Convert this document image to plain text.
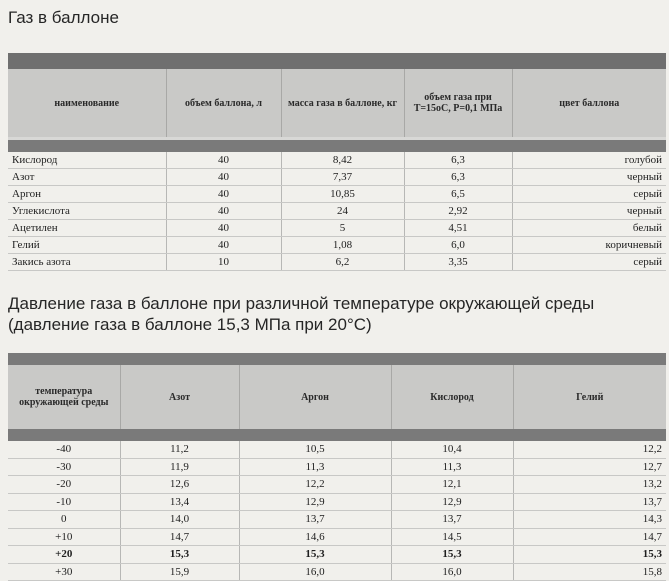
Газ в баллоне

наименование	объем баллона, л	масса газа в баллоне, кг	объем газа при Т=15оС, Р=0,1 МПа	цвет баллона

Кислород	40	8,42	6,3	голубой
Азот	40	7,37	6,3	черный
Аргон	40	10,85	6,5	серый
Углекислота	40	24	2,92	черный
Ацетилен	40	5	4,51	белый
Гелий	40	1,08	6,0	коричневый
Закись азота	10	6,2	3,35	серый
Давление газа в баллоне при различной температуре окружающей среды
(давление газа в баллоне 15,3 МПа при 20°С)

температура окружающей среды	Азот	Аргон	Кислород	Гелий

-40	11,2	10,5	10,4	12,2
-30	11,9	11,3	11,3	12,7
-20	12,6	12,2	12,1	13,2
-10	13,4	12,9	12,9	13,7
0	14,0	13,7	13,7	14,3
+10	14,7	14,6	14,5	14,7
+20	15,3	15,3	15,3	15,3
+30	15,9	16,0	16,0	15,8
